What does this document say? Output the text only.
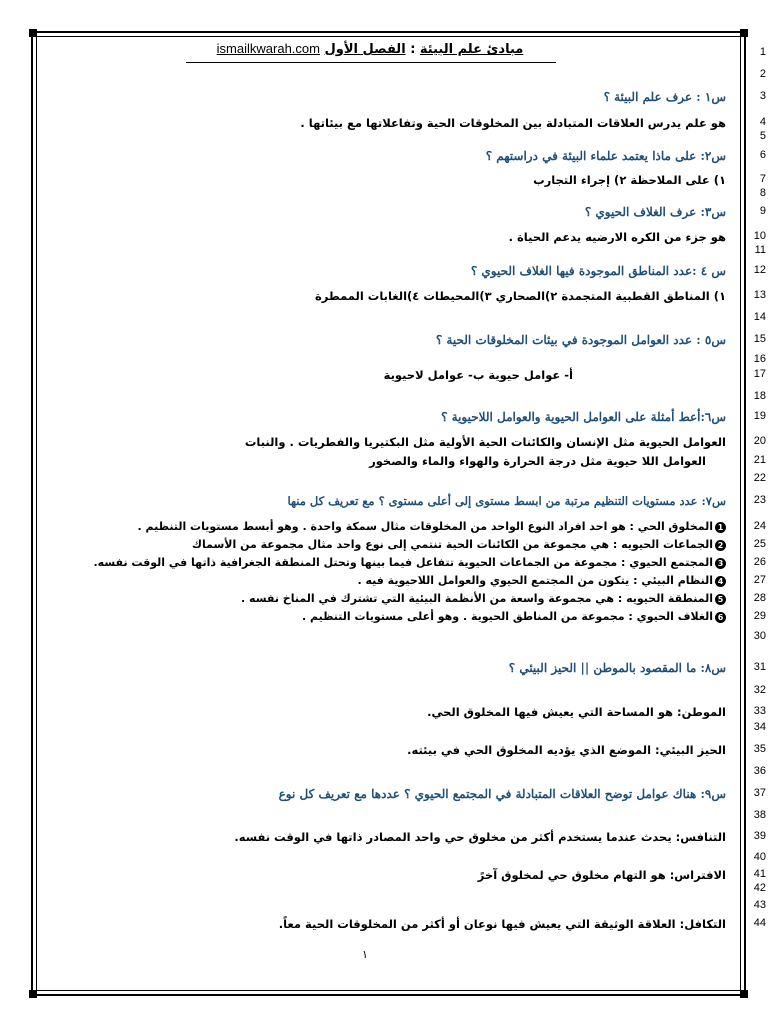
ismailkwarah.com	مبادئ علم البيئة : الفصل الأول	1
2
3
4
5
6
7
8
9
10
11
12
13
14
15
16
17
18
19
20
21
22
23
24
25
26
27
28
29
30
31
32
33
34
35
36
37
38
39
40
41
42
43
44
س١ : عرف علم البيئة ؟
هو علم يدرس العلاقات المتبادلة بين المخلوقات الحية وتفاعلاتها مع بيئاتها .
س٢: على ماذا يعتمد علماء البيئة في دراستهم ؟
١) على الملاحظة ٢) إجراء التجارب
س٣: عرف الغلاف الحيوي ؟
هو جزء من الكره الارضيه يدعم الحياة .
س ٤ :عدد المناطق الموجودة فيها الغلاف الحيوي ؟
١) المناطق القطبية المتجمدة ٢)الصحاري ٣)المحيطات ٤)الغابات الممطرة
س٥ : عدد العوامل الموجودة في بيئات المخلوقات الحية ؟
أ- عوامل حيوية ب- عوامل لاحيوية
س٦:أعط أمثلة على العوامل الحيوية والعوامل اللاحيوية ؟
العوامل الحيوية مثل الإنسان والكائنات الحية الأولية مثل البكتيريا والفطريات . والنبات
العوامل اللا حيوية مثل درجة الحرارة والهواء والماء والصخور
س٧: عدد مستويات التنظيم مرتبة من ابسط مستوى إلى أعلى مستوى ؟ مع تعريف كل منها
1المخلوق الحي : هو احد افراد النوع الواحد من المخلوقات مثال سمكة واحدة . وهو أبسط مستويات التنظيم .
2الجماعات الحيويه : هي مجموعة من الكائنات الحية تنتمي إلى نوع واحد مثال مجموعة من الأسماك
3المجتمع الحيوي : مجموعة من الجماعات الحيوية تتفاعل فيما بينها وتحتل المنطقة الجغرافية ذاتها في الوقت نفسه.
4النظام البيئي : يتكون من المجتمع الحيوي والعوامل اللاحيوية فيه .
5المنطقة الحيويه : هي مجموعة واسعة من الأنظمة البيئية التي تشترك في المناخ نفسه .
6الغلاف الحيوي : مجموعة من المناطق الحيوية . وهو أعلى مستويات التنظيم .
س٨: ما المقصود بالموطن || الحيز البيئي ؟
الموطن: هو المساحة التي يعيش فيها المخلوق الحي.
الحيز البيئي: الموضع الذي يؤديه المخلوق الحي في بيئته.
س٩: هناك عوامل توضح العلاقات المتبادلة في المجتمع الحيوي ؟ عددها مع تعريف كل نوع
التنافس: يحدث عندما يستخدم أكثر من مخلوق حي واحد المصادر ذاتها في الوقت نفسه.
الافتراس: هو التهام مخلوق حي لمخلوق آخرً
التكافل: العلاقة الوثيقة التي يعيش فيها نوعان أو أكثر من المخلوقات الحية معاً.
١
